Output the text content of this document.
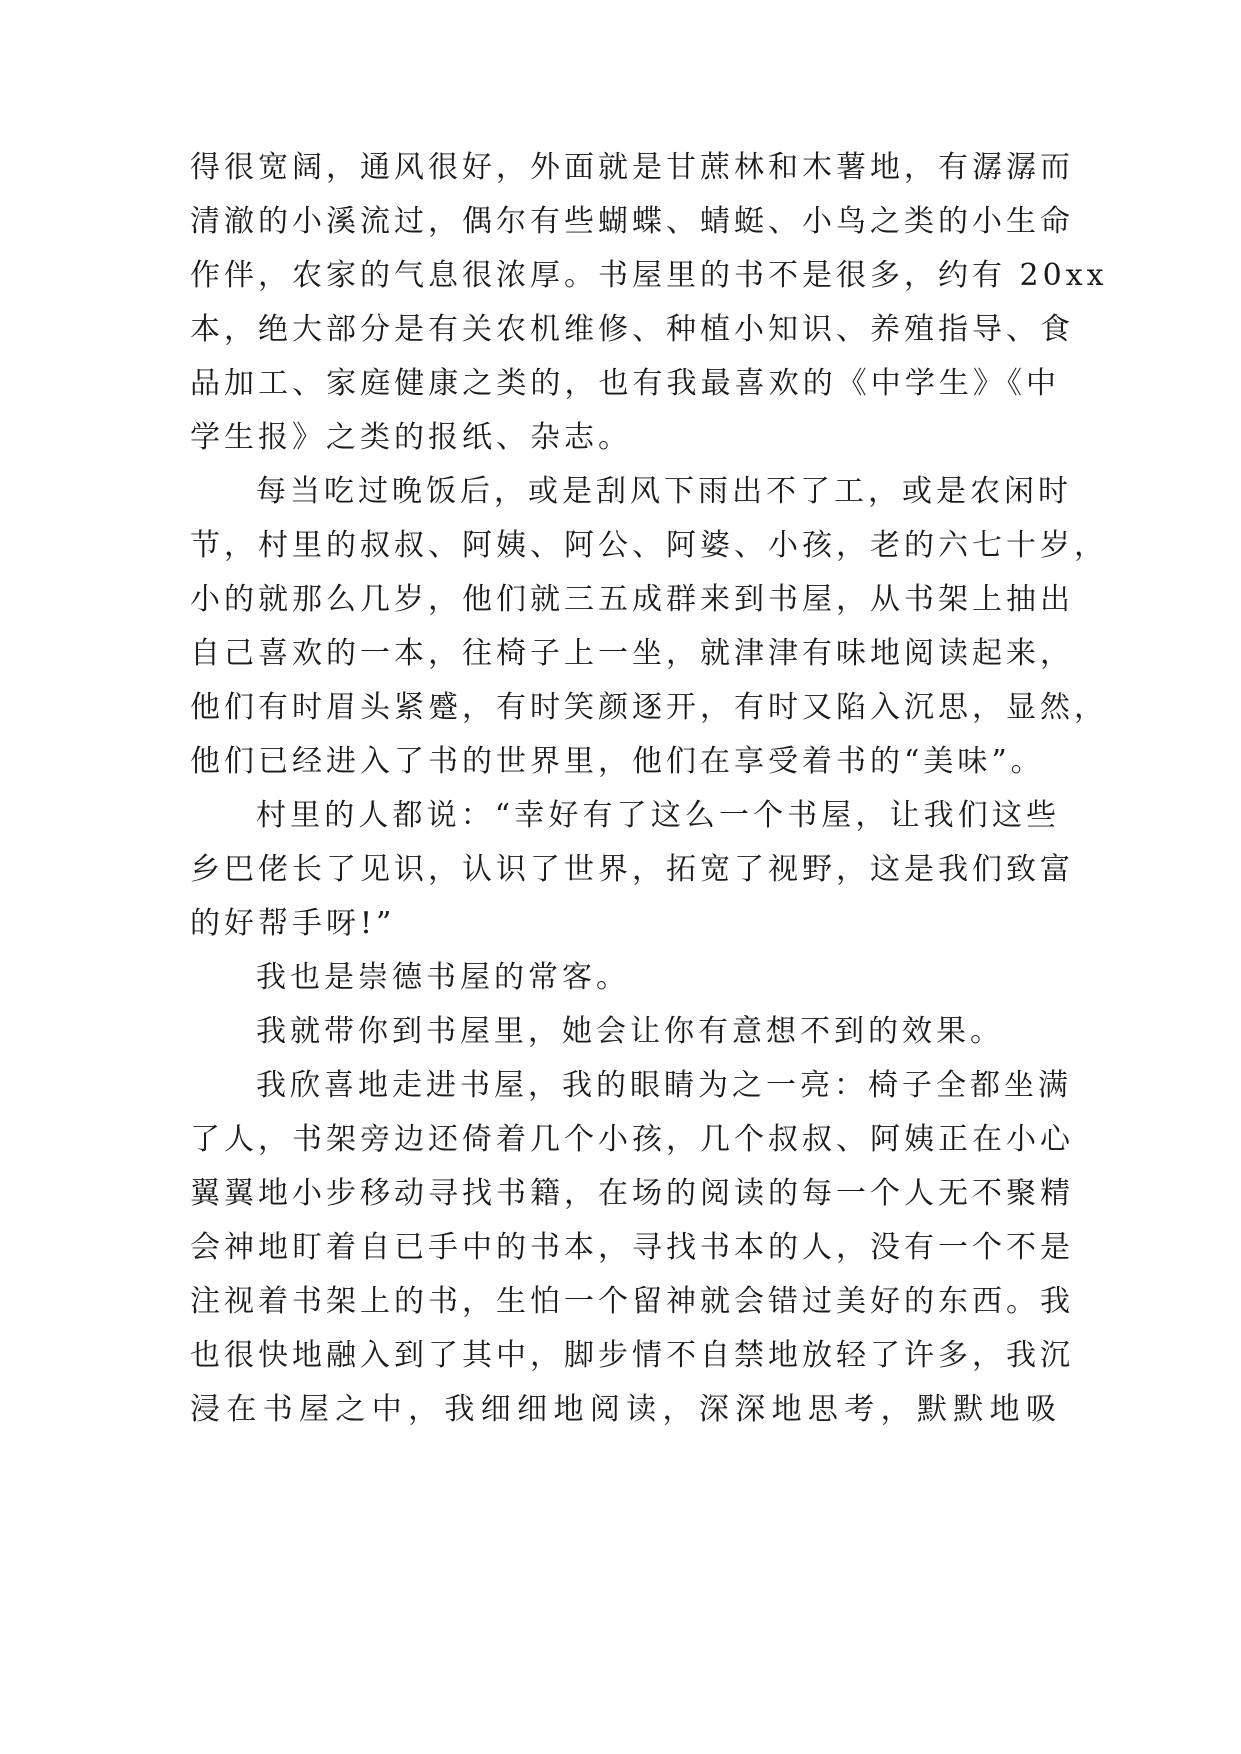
得很宽阔，通风很好，外面就是甘蔗林和木薯地，有潺潺而
清澈的小溪流过，偶尔有些蝴蝶、蜻蜓、小鸟之类的小生命
作伴，农家的气息很浓厚。书屋里的书不是很多，约有 20xx
本，绝大部分是有关农机维修、种植小知识、养殖指导、食
品加工、家庭健康之类的，也有我最喜欢的《中学生》《中
学生报》之类的报纸、杂志。
每当吃过晚饭后，或是刮风下雨出不了工，或是农闲时
节，村里的叔叔、阿姨、阿公、阿婆、小孩，老的六七十岁，
小的就那么几岁，他们就三五成群来到书屋，从书架上抽出
自己喜欢的一本，往椅子上一坐，就津津有味地阅读起来，
他们有时眉头紧蹙，有时笑颜逐开，有时又陷入沉思，显然，
他们已经进入了书的世界里，他们在享受着书的“美味”。
村里的人都说：“幸好有了这么一个书屋，让我们这些
乡巴佬长了见识，认识了世界，拓宽了视野，这是我们致富
的好帮手呀!”
我也是崇德书屋的常客。
我就带你到书屋里，她会让你有意想不到的效果。
我欣喜地走进书屋，我的眼睛为之一亮：椅子全都坐满
了人，书架旁边还倚着几个小孩，几个叔叔、阿姨正在小心
翼翼地小步移动寻找书籍，在场的阅读的每一个人无不聚精
会神地盯着自已手中的书本，寻找书本的人，没有一个不是
注视着书架上的书，生怕一个留神就会错过美好的东西。我
也很快地融入到了其中，脚步情不自禁地放轻了许多，我沉
浸在书屋之中，我细细地阅读，深深地思考，默默地吸
